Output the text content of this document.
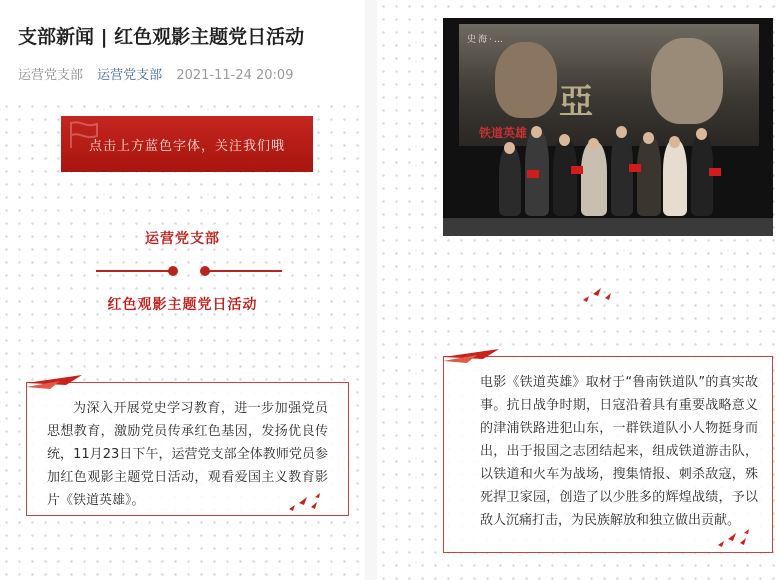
支部新闻 | 红色观影主题党日活动
运营党支部 运营党支部 2021-11-24 20:09
点击上方蓝色字体，关注我们哦
运营党支部
红色观影主题党日活动

为深入开展党史学习教育，进一步加强党员思想教育，激励党员传承红色基因，发扬优良传统，11月23日下午，运营党支部全体教师党员参加红色观影主题党日活动，观看爱国主义教育影片《铁道英雄》。

史海·…
亞
铁道英雄

电影《铁道英雄》取材于“鲁南铁道队”的真实故事。抗日战争时期，日寇沿着具有重要战略意义的津浦铁路进犯山东，一群铁道队小人物挺身而出，出于报国之志团结起来，组成铁道游击队，以铁道和火车为战场，搜集情报、刺杀敌寇，殊死捍卫家园，创造了以少胜多的辉煌战绩，予以敌人沉痛打击，为民族解放和独立做出贡献。
